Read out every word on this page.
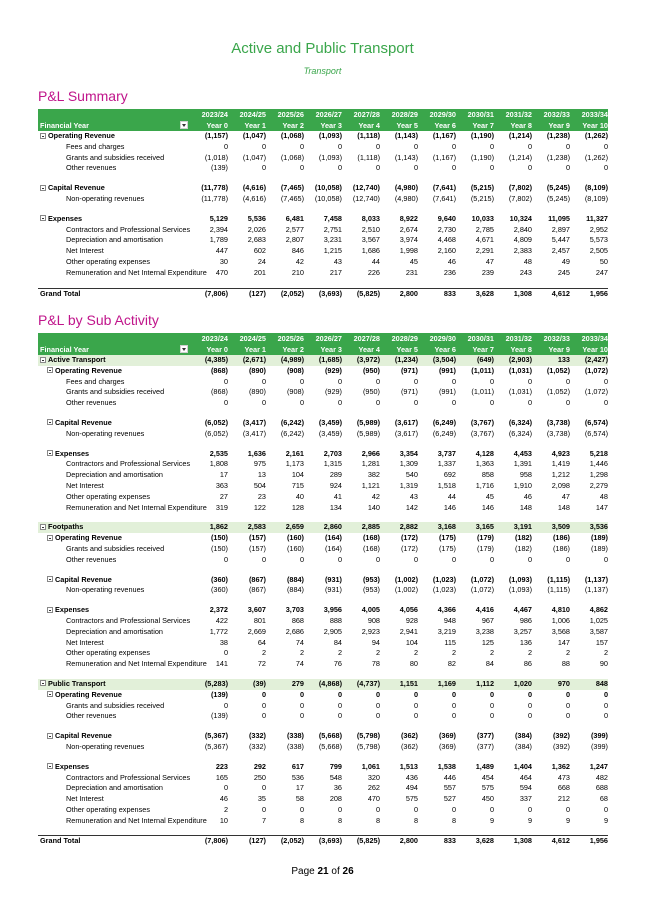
Active and Public Transport
Transport
P&L Summary
	2023/24	2024/25	2025/26	2026/27	2027/28	2028/29	2029/30	2030/31	2031/32	2032/33	2033/34
Financial Year	Year 0	Year 1	Year 2	Year 3	Year 4	Year 5	Year 6	Year 7	Year 8	Year 9	Year 10
Operating Revenue	(1,157)	(1,047)	(1,068)	(1,093)	(1,118)	(1,143)	(1,167)	(1,190)	(1,214)	(1,238)	(1,262)
Fees and charges	0	0	0	0	0	0	0	0	0	0	0
Grants and subsidies received	(1,018)	(1,047)	(1,068)	(1,093)	(1,118)	(1,143)	(1,167)	(1,190)	(1,214)	(1,238)	(1,262)
Other revenues	(139)	0	0	0	0	0	0	0	0	0	0

Capital Revenue	(11,778)	(4,616)	(7,465)	(10,058)	(12,740)	(4,980)	(7,641)	(5,215)	(7,802)	(5,245)	(8,109)
Non-operating revenues	(11,778)	(4,616)	(7,465)	(10,058)	(12,740)	(4,980)	(7,641)	(5,215)	(7,802)	(5,245)	(8,109)

Expenses	5,129	5,536	6,481	7,458	8,033	8,922	9,640	10,033	10,324	11,095	11,327
Contractors and Professional Services	2,394	2,026	2,577	2,751	2,510	2,674	2,730	2,785	2,840	2,897	2,952
Depreciation and amortisation	1,789	2,683	2,807	3,231	3,567	3,974	4,468	4,671	4,809	5,447	5,573
Net Interest	447	602	846	1,215	1,686	1,998	2,160	2,291	2,383	2,457	2,505
Other operating expenses	30	24	42	43	44	45	46	47	48	49	50
Remuneration and Net Internal Expenditure	470	201	210	217	226	231	236	239	243	245	247

Grand Total	(7,806)	(127)	(2,052)	(3,693)	(5,825)	2,800	833	3,628	1,308	4,612	1,956
P&L by Sub Activity
	2023/24	2024/25	2025/26	2026/27	2027/28	2028/29	2029/30	2030/31	2031/32	2032/33	2033/34
Financial Year	Year 0	Year 1	Year 2	Year 3	Year 4	Year 5	Year 6	Year 7	Year 8	Year 9	Year 10
Active Transport	(4,385)	(2,671)	(4,989)	(1,685)	(3,972)	(1,234)	(3,504)	(649)	(2,903)	133	(2,427)
Operating Revenue	(868)	(890)	(908)	(929)	(950)	(971)	(991)	(1,011)	(1,031)	(1,052)	(1,072)
Fees and charges	0	0	0	0	0	0	0	0	0	0	0
Grants and subsidies received	(868)	(890)	(908)	(929)	(950)	(971)	(991)	(1,011)	(1,031)	(1,052)	(1,072)
Other revenues	0	0	0	0	0	0	0	0	0	0	0

Capital Revenue	(6,052)	(3,417)	(6,242)	(3,459)	(5,989)	(3,617)	(6,249)	(3,767)	(6,324)	(3,738)	(6,574)
Non-operating revenues	(6,052)	(3,417)	(6,242)	(3,459)	(5,989)	(3,617)	(6,249)	(3,767)	(6,324)	(3,738)	(6,574)

Expenses	2,535	1,636	2,161	2,703	2,966	3,354	3,737	4,128	4,453	4,923	5,218
Contractors and Professional Services	1,808	975	1,173	1,315	1,281	1,309	1,337	1,363	1,391	1,419	1,446
Depreciation and amortisation	17	13	104	289	382	540	692	858	958	1,212	1,298
Net Interest	363	504	715	924	1,121	1,319	1,518	1,716	1,910	2,098	2,279
Other operating expenses	27	23	40	41	42	43	44	45	46	47	48
Remuneration and Net Internal Expenditure	319	122	128	134	140	142	146	146	148	148	147

Footpaths	1,862	2,583	2,659	2,860	2,885	2,882	3,168	3,165	3,191	3,509	3,536
Operating Revenue	(150)	(157)	(160)	(164)	(168)	(172)	(175)	(179)	(182)	(186)	(189)
Grants and subsidies received	(150)	(157)	(160)	(164)	(168)	(172)	(175)	(179)	(182)	(186)	(189)
Other revenues	0	0	0	0	0	0	0	0	0	0	0

Capital Revenue	(360)	(867)	(884)	(931)	(953)	(1,002)	(1,023)	(1,072)	(1,093)	(1,115)	(1,137)
Non-operating revenues	(360)	(867)	(884)	(931)	(953)	(1,002)	(1,023)	(1,072)	(1,093)	(1,115)	(1,137)

Expenses	2,372	3,607	3,703	3,956	4,005	4,056	4,366	4,416	4,467	4,810	4,862
Contractors and Professional Services	422	801	868	888	908	928	948	967	986	1,006	1,025
Depreciation and amortisation	1,772	2,669	2,686	2,905	2,923	2,941	3,219	3,238	3,257	3,568	3,587
Net Interest	38	64	74	84	94	104	115	125	136	147	157
Other operating expenses	0	2	2	2	2	2	2	2	2	2	2
Remuneration and Net Internal Expenditure	141	72	74	76	78	80	82	84	86	88	90

Public Transport	(5,283)	(39)	279	(4,868)	(4,737)	1,151	1,169	1,112	1,020	970	848
Operating Revenue	(139)	0	0	0	0	0	0	0	0	0	0
Grants and subsidies received	0	0	0	0	0	0	0	0	0	0	0
Other revenues	(139)	0	0	0	0	0	0	0	0	0	0

Capital Revenue	(5,367)	(332)	(338)	(5,668)	(5,798)	(362)	(369)	(377)	(384)	(392)	(399)
Non-operating revenues	(5,367)	(332)	(338)	(5,668)	(5,798)	(362)	(369)	(377)	(384)	(392)	(399)

Expenses	223	292	617	799	1,061	1,513	1,538	1,489	1,404	1,362	1,247
Contractors and Professional Services	165	250	536	548	320	436	446	454	464	473	482
Depreciation and amortisation	0	0	17	36	262	494	557	575	594	668	688
Net Interest	46	35	58	208	470	575	527	450	337	212	68
Other operating expenses	2	0	0	0	0	0	0	0	0	0	0
Remuneration and Net Internal Expenditure	10	7	8	8	8	8	8	9	9	9	9

Grand Total	(7,806)	(127)	(2,052)	(3,693)	(5,825)	2,800	833	3,628	1,308	4,612	1,956
Page 21 of 26
